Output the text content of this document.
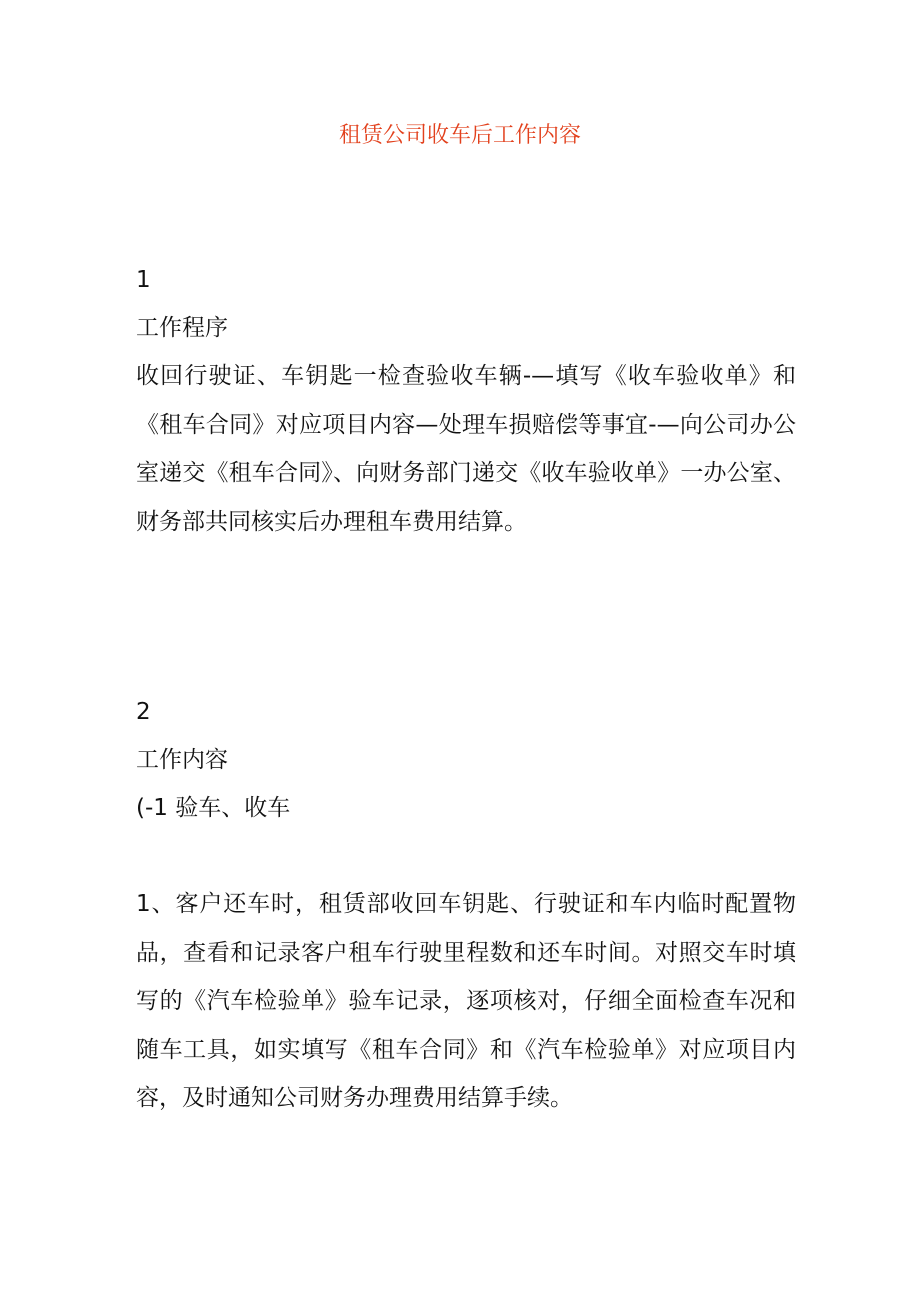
租赁公司收车后工作内容
1
工作程序
收回行驶证、车钥匙一检查验收车辆-—填写《收车验收单》和《租车合同》对应项目内容—处理车损赔偿等事宜-—向公司办公室递交《租车合同》、向财务部门递交《收车验收单》一办公室、财务部共同核实后办理租车费用结算。
2
工作内容
(-1 验车、收车
1、客户还车时，租赁部收回车钥匙、行驶证和车内临时配置物品，查看和记录客户租车行驶里程数和还车时间。对照交车时填写的《汽车检验单》验车记录，逐项核对，仔细全面检查车况和随车工具，如实填写《租车合同》和《汽车检验单》对应项目内容，及时通知公司财务办理费用结算手续。
